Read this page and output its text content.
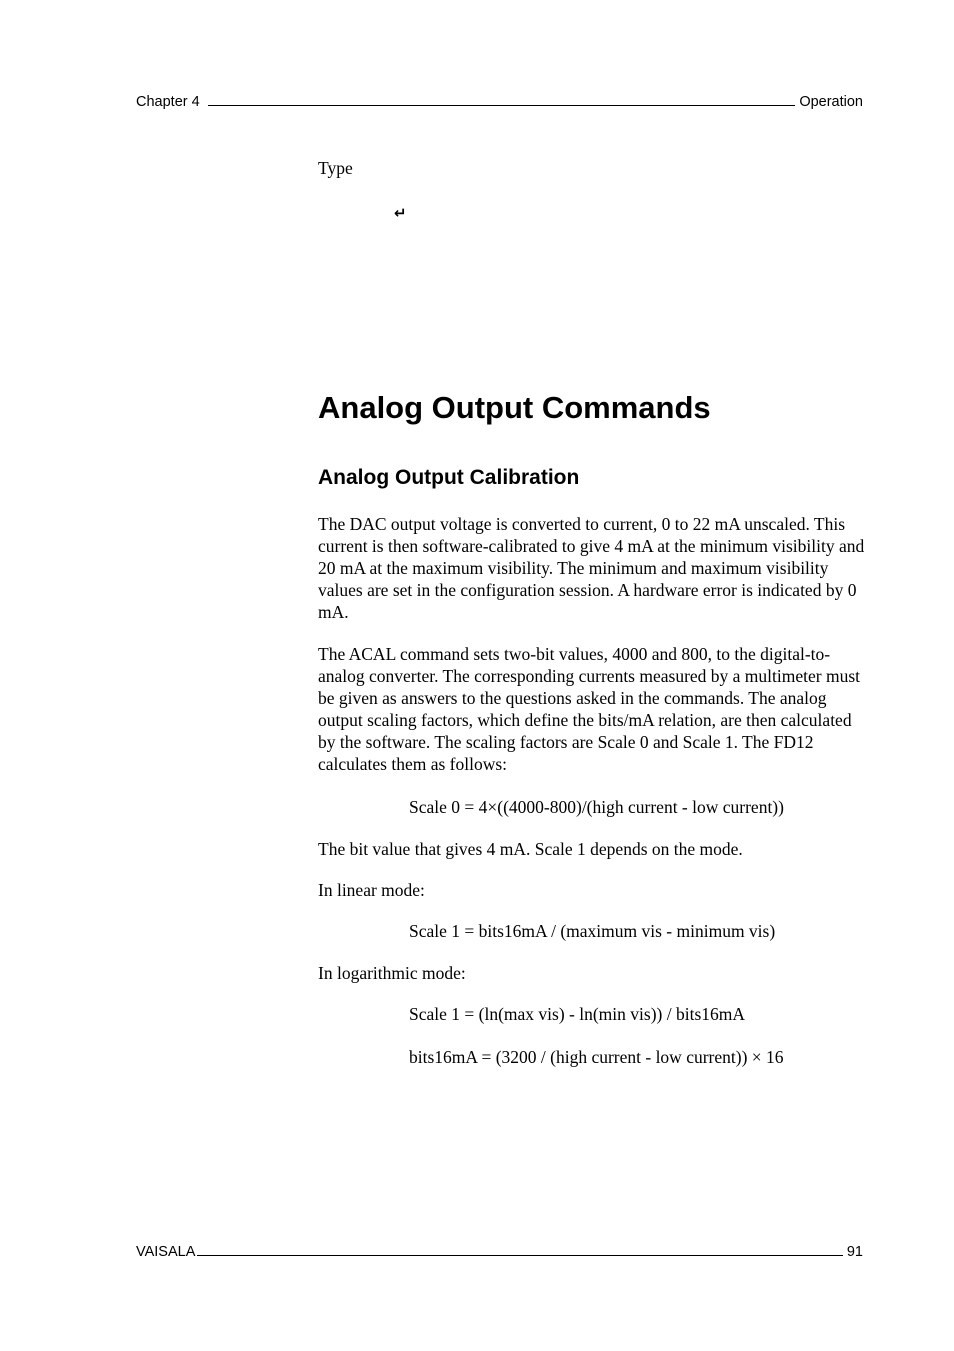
Chapter 4	Operation
Type
↵
Analog Output Commands
Analog Output Calibration

The DAC output voltage is converted to current, 0 to 22 mA unscaled. This current is then software-calibrated to give 4 mA at the minimum visibility and 20 mA at the maximum visibility. The minimum and maximum visibility values are set in the configuration session. A hardware error is indicated by 0 mA.

The ACAL command sets two-bit values, 4000 and 800, to the digital-to-analog converter. The corresponding currents measured by a multimeter must be given as answers to the questions asked in the commands. The analog output scaling factors, which define the bits/mA relation, are then calculated by the software. The scaling factors are Scale 0 and Scale 1. The FD12 calculates them as follows:

Scale 0 = 4×((4000-800)/(high current - low current))

The bit value that gives 4 mA. Scale 1 depends on the mode.

In linear mode:

Scale 1 = bits16mA / (maximum vis - minimum vis)

In logarithmic mode:

Scale 1 = (ln(max vis) - ln(min vis)) / bits16mA

bits16mA = (3200 / (high current - low current)) × 16

VAISALA	91
